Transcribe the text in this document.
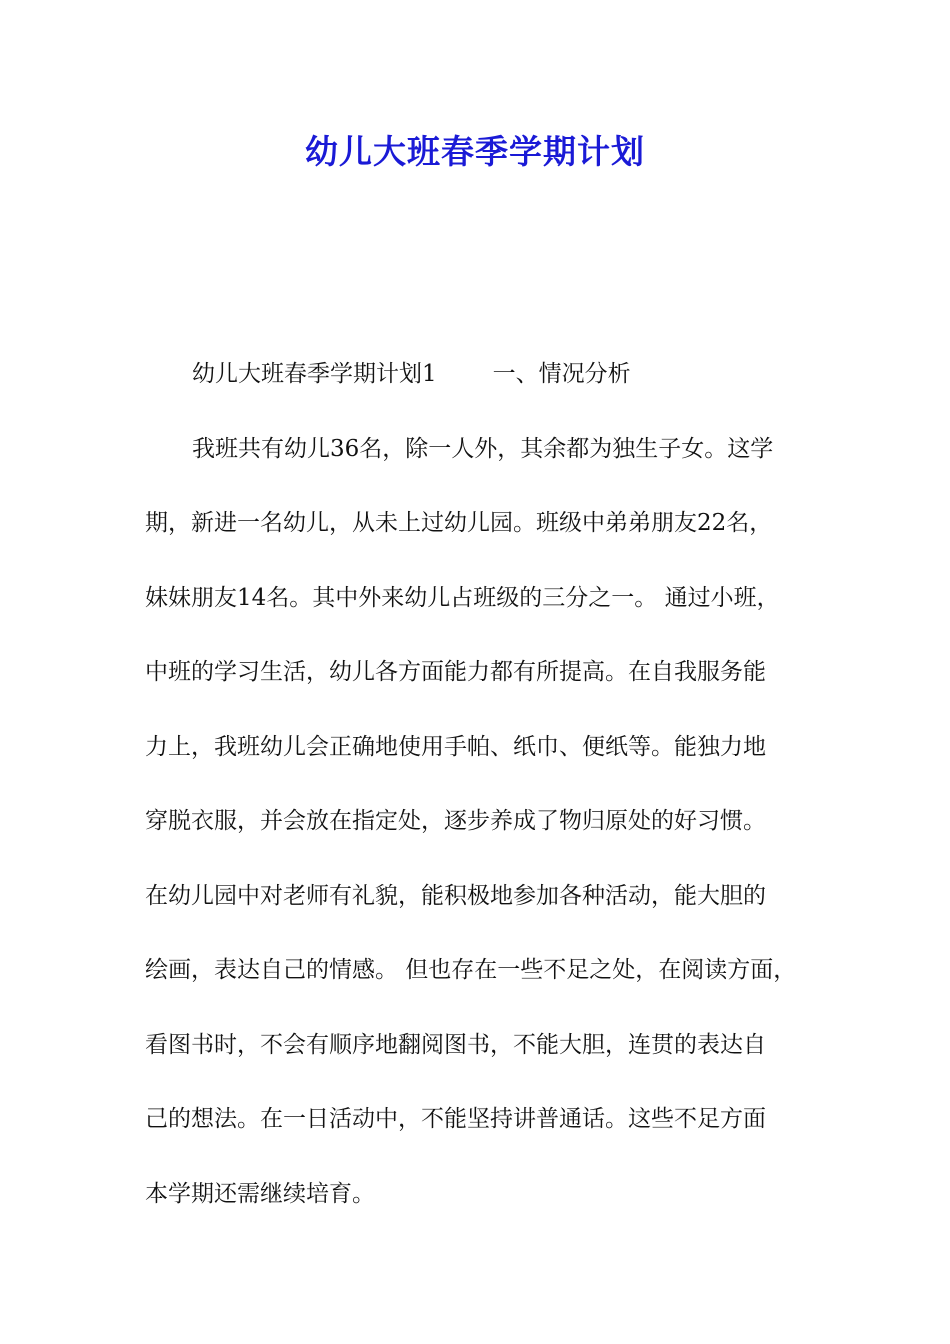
幼儿大班春季学期计划
幼儿大班春季学期计划1 一、情况分析
我班共有幼儿36名，除一人外，其余都为独生子女。这学
期，新进一名幼儿，从未上过幼儿园。班级中弟弟朋友22名，
妹妹朋友14名。其中外来幼儿占班级的三分之一。 通过小班，
中班的学习生活，幼儿各方面能力都有所提高。在自我服务能
力上，我班幼儿会正确地使用手帕、纸巾、便纸等。能独力地
穿脱衣服，并会放在指定处，逐步养成了物归原处的好习惯。
在幼儿园中对老师有礼貌，能积极地参加各种活动，能大胆的
绘画，表达自己的情感。 但也存在一些不足之处，在阅读方面，
看图书时，不会有顺序地翻阅图书，不能大胆，连贯的表达自
己的想法。在一日活动中，不能坚持讲普通话。这些不足方面
本学期还需继续培育。
